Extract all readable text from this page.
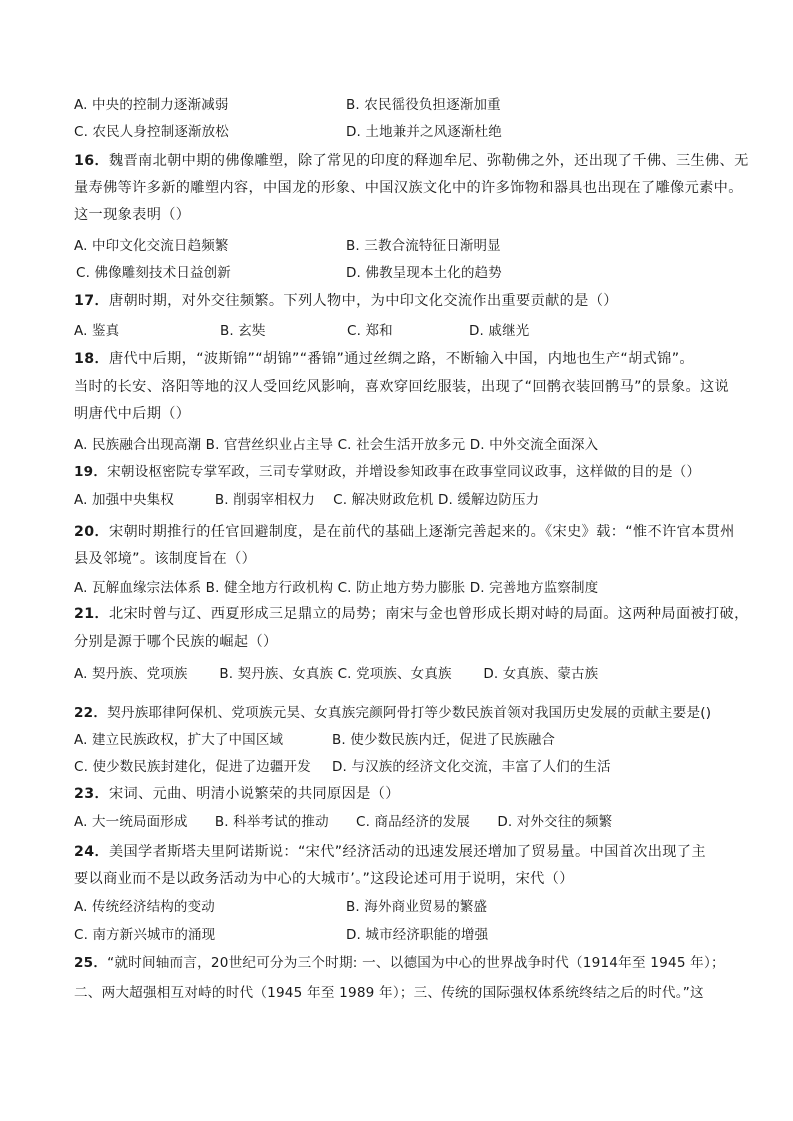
A. 中央的控制力逐渐减弱	B. 农民徭役负担逐渐加重
C. 农民人身控制逐渐放松	D. 土地兼并之风逐渐杜绝
16．魏晋南北朝中期的佛像雕塑，除了常见的印度的释迦牟尼、弥勒佛之外，还出现了千佛、三生佛、无
量寿佛等许多新的雕塑内容，中国龙的形象、中国汉族文化中的许多饰物和器具也出现在了雕像元素中。
这一现象表明（）
A. 中印文化交流日趋频繁	B. 三教合流特征日渐明显
C. 佛像雕刻技术日益创新	D. 佛教呈现本土化的趋势
17．唐朝时期，对外交往频繁。下列人物中，为中印文化交流作出重要贡献的是（）
A. 鉴真	B. 玄奘	C. 郑和	D. 戚继光
18．唐代中后期，“波斯锦”“胡锦”“番锦”通过丝绸之路，不断输入中国，内地也生产“胡式锦”。
当时的长安、洛阳等地的汉人受回纥风影响，喜欢穿回纥服装，出现了“回鹘衣装回鹘马”的景象。这说
明唐代中后期（）
A. 民族融合出现高潮 B. 官营丝织业占主导 C. 社会生活开放多元 D. 中外交流全面深入
19．宋朝设枢密院专掌军政，三司专掌财政，并增设参知政事在政事堂同议政事，这样做的目的是（）
A. 加强中央集权　　　B. 削弱宰相权力　 C. 解决财政危机 D. 缓解边防压力
20．宋朝时期推行的任官回避制度，是在前代的基础上逐渐完善起来的。《宋史》载：“惟不许官本贯州
县及邻境”。该制度旨在（）
A. 瓦解血缘宗法体系 B. 健全地方行政机构 C. 防止地方势力膨胀 D. 完善地方监察制度
21．北宋时曾与辽、西夏形成三足鼎立的局势；南宋与金也曾形成长期对峙的局面。这两种局面被打破，
分别是源于哪个民族的崛起（）
A. 契丹族、党项族　　 B. 契丹族、女真族 C. 党项族、女真族　　 D. 女真族、蒙古族
22．契丹族耶律阿保机、党项族元昊、女真族完颜阿骨打等少数民族首领对我国历史发展的贡献主要是()
A. 建立民族政权，扩大了中国区域	B. 使少数民族内迁，促进了民族融合
C. 使少数民族封建化，促进了边疆开发 D. 与汉族的经济文化交流，丰富了人们的生活
23．宋词、元曲、明清小说繁荣的共同原因是（）
A. 大一统局面形成　　B. 科举考试的推动　　C. 商品经济的发展　　D. 对外交往的频繁
24．美国学者斯塔夫里阿诺斯说：“宋代”经济活动的迅速发展还增加了贸易量。中国首次出现了主
要以商业而不是以政务活动为中心的大城市’。”这段论述可用于说明，宋代（）
A. 传统经济结构的变动	B. 海外商业贸易的繁盛
C. 南方新兴城市的涌现	D. 城市经济职能的增强
25．“就时间轴而言，20世纪可分为三个时期: 一、以德国为中心的世界战争时代（1914年至 1945 年）；
二、两大超强相互对峙的时代（1945 年至 1989 年）；三、传统的国际强权体系统终结之后的时代。”这
